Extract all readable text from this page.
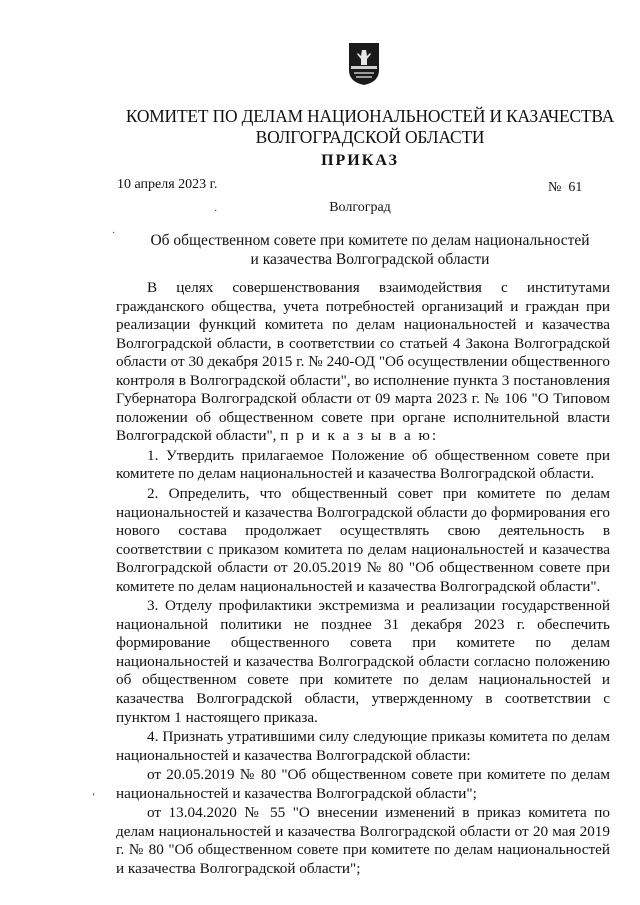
КОМИТЕТ ПО ДЕЛАМ НАЦИОНАЛЬНОСТЕЙ И КАЗАЧЕСТВА
ВОЛГОГРАДСКОЙ ОБЛАСТИ
ПРИКАЗ
10 апреля 2023 г.	№  61
Волгоград
·
·
ʻ
Об общественном совете при комитете по делам национальностей
и казачества Волгоградской области

В целях совершенствования взаимодействия с институтами гражданского общества, учета потребностей организаций и граждан при реализации функций комитета по делам национальностей и казачества Волгоградской области, в соответствии со статьей 4 Закона Волгоградской области от 30 декабря 2015 г. № 240-ОД "Об осуществлении общественного контроля в Волгоградской области", во исполнение пункта 3 постановления Губернатора Волгоградской области от 09 марта 2023 г. № 106 "О Типовом положении об общественном совете при органе исполнительной власти Волгоградской области", п р и к а з ы в а ю:

1. Утвердить прилагаемое Положение об общественном совете при комитете по делам национальностей и казачества Волгоградской области.

2. Определить, что общественный совет при комитете по делам национальностей и казачества Волгоградской области до формирования его нового состава продолжает осуществлять свою деятельность в соответствии с приказом комитета по делам национальностей и казачества Волгоградской области от 20.05.2019 № 80 "Об общественном совете при комитете по делам национальностей и казачества Волгоградской области".

3. Отделу профилактики экстремизма и реализации государственной национальной политики не позднее 31 декабря 2023 г. обеспечить формирование общественного совета при комитете по делам национальностей и казачества Волгоградской области согласно положению об общественном совете при комитете по делам национальностей и казачества Волгоградской области, утвержденному в соответствии с пунктом 1 настоящего приказа.

4. Признать утратившими силу следующие приказы комитета по делам национальностей и казачества Волгоградской области:

от 20.05.2019 № 80 "Об общественном совете при комитете по делам национальностей и казачества Волгоградской области";

от 13.04.2020 № 55 "О внесении изменений в приказ комитета по делам национальностей и казачества Волгоградской области от 20 мая 2019 г. № 80 "Об общественном совете при комитете по делам национальностей и казачества Волгоградской области";
